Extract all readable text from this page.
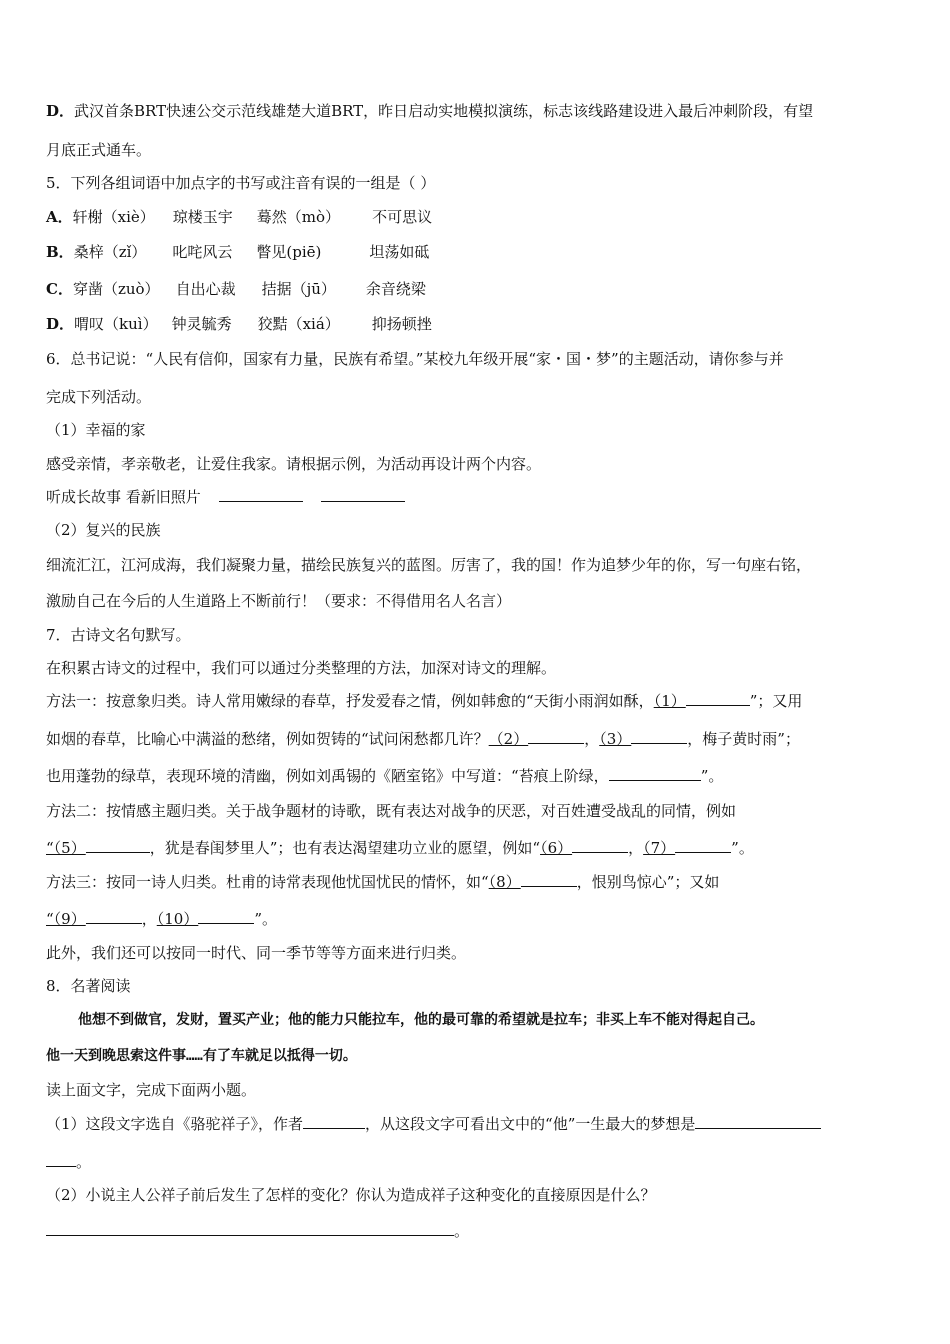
D．武汉首条BRT快速公交示范线雄楚大道BRT，昨日启动实地模拟演练，标志该线路建设进入最后冲刺阶段，有望
月底正式通车。
5．下列各组词语中加点字的书写或注音有误的一组是（ ）
A．轩榭（xiè） 琼楼玉宇 蓦然（mò） 不可思议
B．桑梓（zǐ） 叱咤风云 瞥见(piē)	坦荡如砥
C．穿凿（zuò） 自出心裁 拮据（jū） 余音绕梁
D．喟叹（kuì） 钟灵毓秀 狡黠（xiá） 抑扬顿挫
6．总书记说：“人民有信仰，国家有力量，民族有希望。”某校九年级开展“家・国・梦”的主题活动，请你参与并
完成下列活动。
（1）幸福的家
感受亲情，孝亲敬老，让爱住我家。请根据示例，为活动再设计两个内容。
听成长故事 看新旧照片
（2）复兴的民族
细流汇江，江河成海，我们凝聚力量，描绘民族复兴的蓝图。厉害了，我的国！作为追梦少年的你，写一句座右铭，
激励自己在今后的人生道路上不断前行！（要求：不得借用名人名言）
7．古诗文名句默写。
在积累古诗文的过程中，我们可以通过分类整理的方法，加深对诗文的理解。
方法一：按意象归类。诗人常用嫩绿的春草，抒发爱春之情，例如韩愈的“天街小雨润如酥，（1）	”；又用
如烟的春草，比喻心中满溢的愁绪，例如贺铸的“试问闲愁都几许？（2）	，（3）	，梅子黄时雨”；
也用蓬勃的绿草，表现环境的清幽，例如刘禹锡的《陋室铭》中写道：“苔痕上阶绿，	”。
方法二：按情感主题归类。关于战争题材的诗歌，既有表达对战争的厌恶，对百姓遭受战乱的同情，例如
“（5）	，犹是春闺梦里人”；也有表达渴望建功立业的愿望，例如“（6）	，（7）	”。
方法三：按同一诗人归类。杜甫的诗常表现他忧国忧民的情怀，如“（8）	，恨别鸟惊心”；又如
“（9）	，（10）	”。
此外，我们还可以按同一时代、同一季节等等方面来进行归类。
8．名著阅读
他想不到做官，发财，置买产业；他的能力只能拉车，他的最可靠的希望就是拉车；非买上车不能对得起自己。
他一天到晚思索这件事……有了车就足以抵得一切。
读上面文字，完成下面两小题。
（1）这段文字选自《骆驼祥子》，作者	，从这段文字可看出文中的“他”一生最大的梦想是
。
（2）小说主人公祥子前后发生了怎样的变化？你认为造成祥子这种变化的直接原因是什么？
。
